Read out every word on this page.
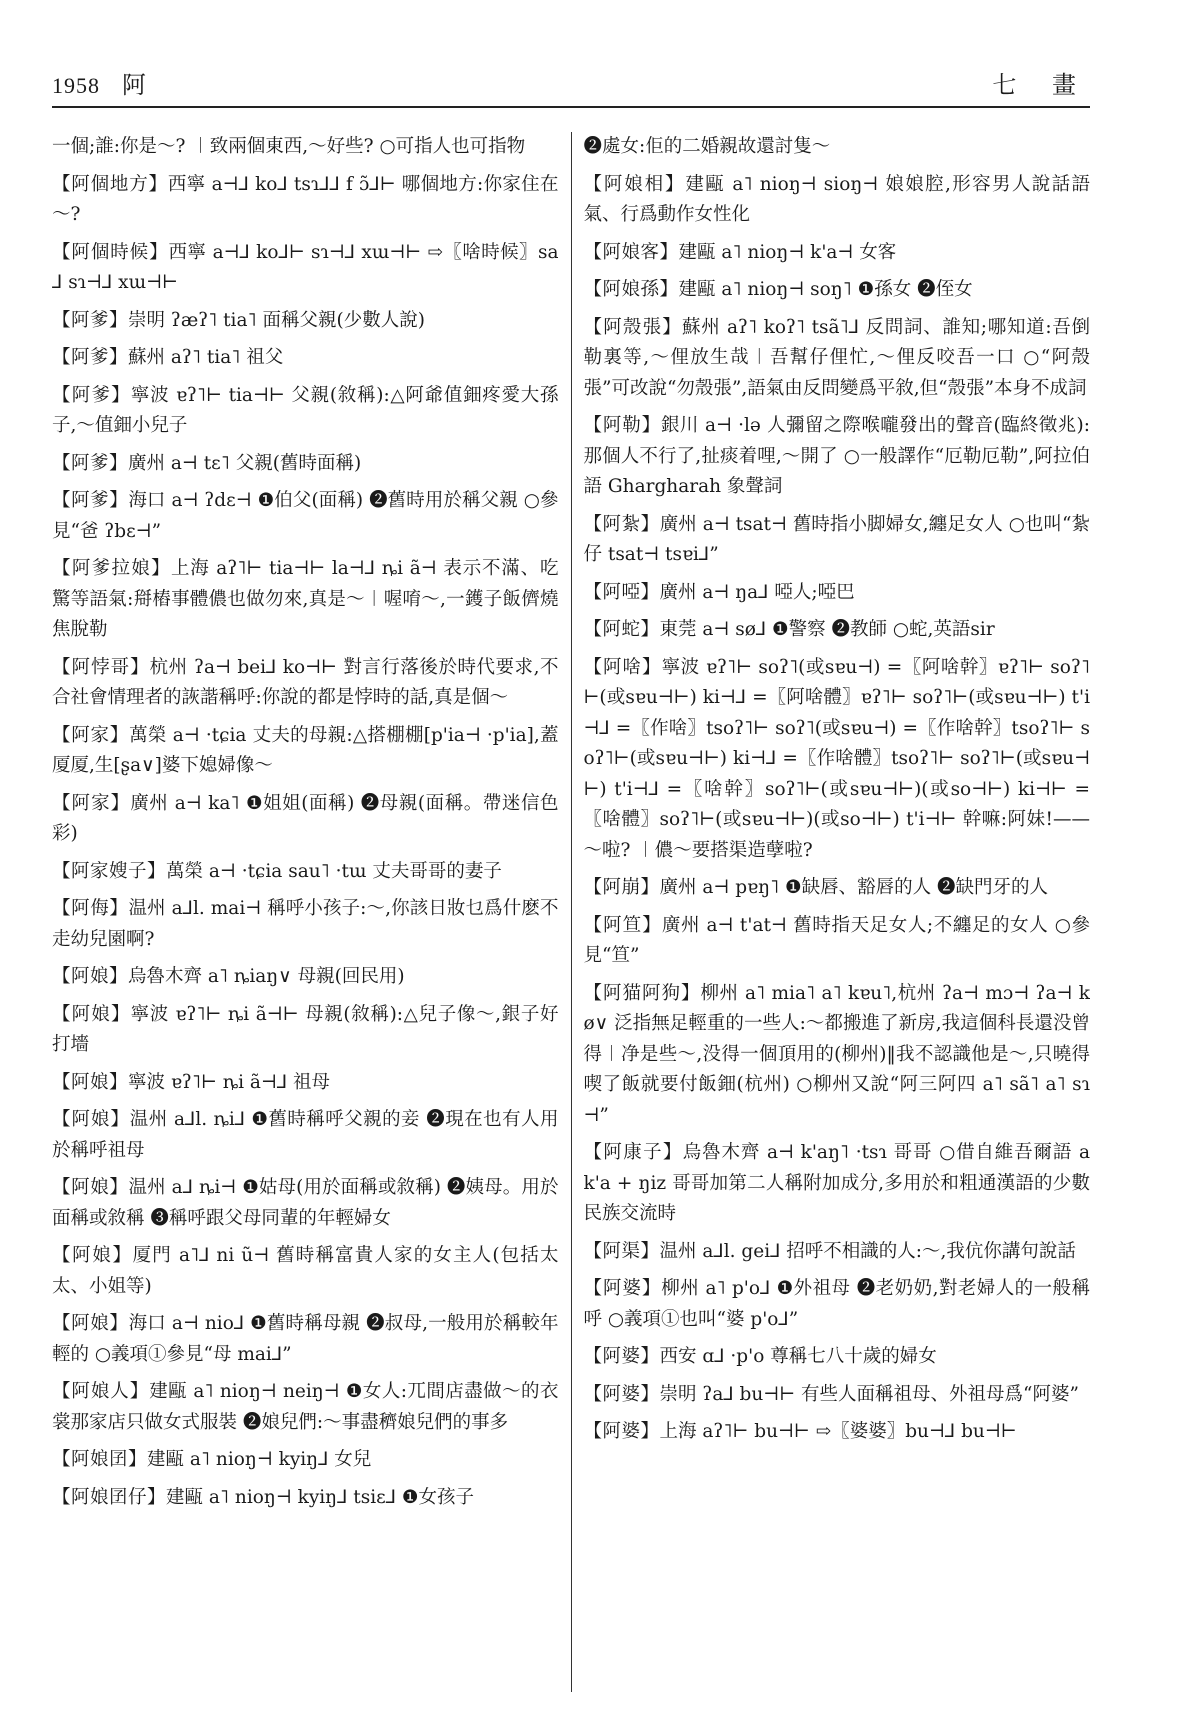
1958 阿	七 畫

一個;誰:你是～? ︱致兩個東西,～好些? ○可指人也可指物

【阿個地方】西寧 a⊣⅃ ko⅃ tsɿ⅃⅃ f ɔ̃⅃⊢ 哪個地方:你家住在～?

【阿個時候】西寧 a⊣⅃ ko⅃⊢ sɿ⊣⅃ xɯ⊣⊢ ⇨〖啥時候〗sa⅃ sɿ⊣⅃ xɯ⊣⊢

【阿爹】崇明 ʔæʔ˥ tia˥ 面稱父親(少數人說)

【阿爹】蘇州 aʔ˥ tia˥ 祖父

【阿爹】寧波 ɐʔ˥⊢ tia⊣⊢ 父親(敘稱):△阿爺值鈿疼愛大孫子,～值鈿小兒子

【阿爹】廣州 a⊣ tɛ˥ 父親(舊時面稱)

【阿爹】海口 a⊣ ʔdɛ⊣ ❶伯父(面稱) ❷舊時用於稱父親 ○參見“爸 ʔbɛ⊣”

【阿爹拉娘】上海 aʔ˥⊢ tia⊣⊢ la⊣⅃ ȵi ã⊣ 表示不滿、吃驚等語氣:搿樁事體儂也做勿來,真是～︱喔唷～,一鑊子飯儕燒焦脫勒

【阿悖哥】杭州 ʔa⊣ bei⅃ ko⊣⊢ 對言行落後於時代要求,不合社會情理者的詼諧稱呼:你說的都是悖時的話,真是個～

【阿家】萬榮 a⊣ ·tɕia 丈夫的母親:△搭棚棚[p'ia⊣ ·p'ia],蓋厦厦,生[ʂa∨]婆下媳婦像～

【阿家】廣州 a⊣ ka˥ ❶姐姐(面稱) ❷母親(面稱。帶迷信色彩)

【阿家嫂子】萬榮 a⊣ ·tɕia sau˥ ·tɯ 丈夫哥哥的妻子

【阿侮】温州 a⅃l. mai⊣ 稱呼小孩子:～,你該日妝乜爲什麽不走幼兒園啊?

【阿娘】烏魯木齊 a˥ ȵiaŋ∨ 母親(回民用)

【阿娘】寧波 ɐʔ˥⊢ ȵi ã⊣⊢ 母親(敘稱):△兒子像～,銀子好打墻

【阿娘】寧波 ɐʔ˥⊢ ȵi ã⊣⅃ 祖母

【阿娘】温州 a⅃l. ȵi⅃ ❶舊時稱呼父親的妾 ❷現在也有人用於稱呼祖母

【阿娘】温州 a⅃ ȵi⊣ ❶姑母(用於面稱或敘稱) ❷姨母。用於面稱或敘稱 ❸稱呼跟父母同輩的年輕婦女

【阿娘】厦門 a˥⅃ ni ũ⊣ 舊時稱富貴人家的女主人(包括太太、小姐等)

【阿娘】海口 a⊣ nio⅃ ❶舊時稱母親 ❷叔母,一般用於稱較年輕的 ○義項①參見“母 mai⅃”

【阿娘人】建甌 a˥ nioŋ⊣ neiŋ⊣ ❶女人:兀間店盡做～的衣裳那家店只做女式服裝 ❷娘兒們:～事盡穧娘兒們的事多

【阿娘囝】建甌 a˥ nioŋ⊣ kyiŋ⅃ 女兒

【阿娘囝仔】建甌 a˥ nioŋ⊣ kyiŋ⅃ tsiɛ⅃ ❶女孩子

❷處女:佢的二婚親故還討隻～

【阿娘相】建甌 a˥ nioŋ⊣ sioŋ⊣ 娘娘腔,形容男人說話語氣、行爲動作女性化

【阿娘客】建甌 a˥ nioŋ⊣ k'a⊣ 女客

【阿娘孫】建甌 a˥ nioŋ⊣ soŋ˥ ❶孫女 ❷侄女

【阿殼張】蘇州 aʔ˥ koʔ˥ tsã˥⅃ 反問詞、誰知;哪知道:吾倒勒裏等,～俚放生哉︱吾幫仔俚忙,～俚反咬吾一口 ○“阿殼張”可改說“勿殼張”,語氣由反問變爲平敘,但“殼張”本身不成詞

【阿勒】銀川 a⊣ ·lə 人彌留之際喉嚨發出的聲音(臨終徵兆):那個人不行了,扯痰着哩,～開了 ○一般譯作“厄勒厄勒”,阿拉伯語 Ghargharah 象聲詞

【阿紮】廣州 a⊣ tsat⊣ 舊時指小脚婦女,纏足女人 ○也叫“紮仔 tsat⊣ tsɐi⅃”

【阿啞】廣州 a⊣ ŋa⅃ 啞人;啞巴

【阿蛇】東莞 a⊣ sø⅃ ❶警察 ❷教師 ○蛇,英語sir

【阿啥】寧波 ɐʔ˥⊢ soʔ˥(或sɐu⊣) =〖阿啥幹〗ɐʔ˥⊢ soʔ˥⊢(或sɐu⊣⊢) ki⊣⅃ =〖阿啥體〗ɐʔ˥⊢ soʔ˥⊢(或sɐu⊣⊢) t'i⊣⅃ =〖作啥〗tsoʔ˥⊢ soʔ˥(或sɐu⊣) =〖作啥幹〗tsoʔ˥⊢ soʔ˥⊢(或sɐu⊣⊢) ki⊣⅃ =〖作啥體〗tsoʔ˥⊢ soʔ˥⊢(或sɐu⊣⊢) t'i⊣⅃ =〖啥幹〗soʔ˥⊢(或sɐu⊣⊢)(或so⊣⊢) ki⊣⊢ =〖啥體〗soʔ˥⊢(或sɐu⊣⊢)(或so⊣⊢) t'i⊣⊢ 幹嘛:阿妹!——～啦? ︱儂～要搭渠造孽啦?

【阿崩】廣州 a⊣ pɐŋ˥ ❶缺唇、豁唇的人 ❷缺門牙的人

【阿笪】廣州 a⊣ t'at⊣ 舊時指天足女人;不纏足的女人 ○參見“笪”

【阿猫阿狗】柳州 a˥ mia˥ a˥ kɐu˥,杭州 ʔa⊣ mɔ⊣ ʔa⊣ kø∨ 泛指無足輕重的一些人:～都搬進了新房,我這個科長還没曾得︱净是些～,没得一個頂用的(柳州)‖我不認識他是～,只曉得喫了飯就要付飯鈿(杭州) ○柳州又說“阿三阿四 a˥ sã˥ a˥ sɿ⊣”

【阿康子】烏魯木齊 a⊣ k'aŋ˥ ·tsɿ 哥哥 ○借自維吾爾語 ak'a + ŋiz 哥哥加第二人稱附加成分,多用於和粗通漢語的少數民族交流時

【阿渠】温州 a⅃l. gei⅃ 招呼不相識的人:～,我伉你講句說話

【阿婆】柳州 a˥ p'o⅃ ❶外祖母 ❷老奶奶,對老婦人的一般稱呼 ○義項①也叫“婆 p'o⅃”

【阿婆】西安 ɑ⅃ ·p'o 尊稱七八十歲的婦女

【阿婆】崇明 ʔa⅃ bu⊣⊢ 有些人面稱祖母、外祖母爲“阿婆”

【阿婆】上海 aʔ˥⊢ bu⊣⊢ ⇨〖婆婆〗bu⊣⅃ bu⊣⊢
